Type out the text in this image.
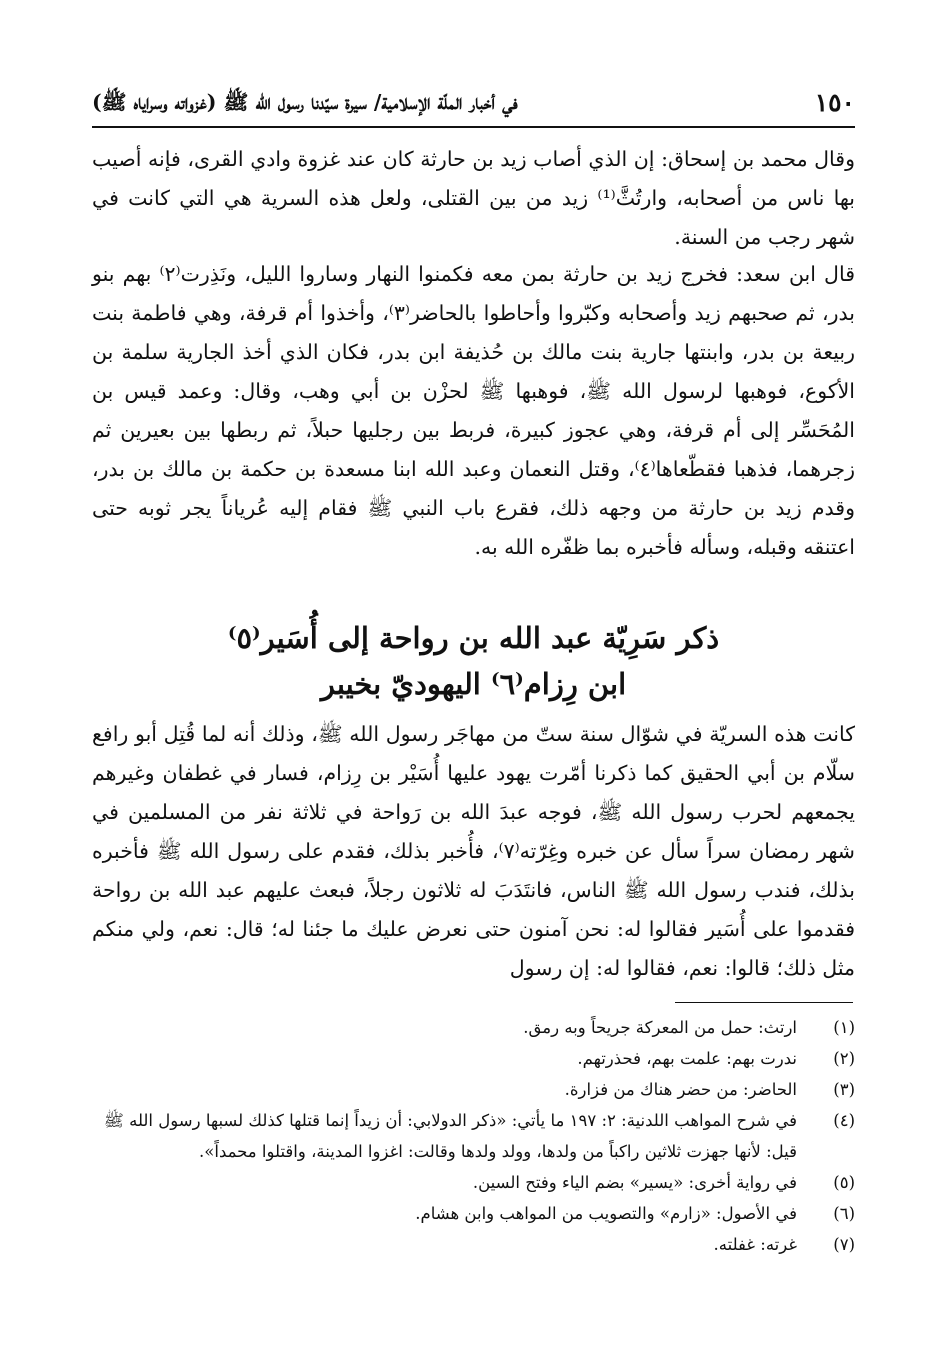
١٥٠
في أخبار الملّة الإسلامية/ سيرة سيّدنا رسول الله ﷺ (غزواته وسراياه ﷺ)

وقال محمد بن إسحاق: إن الذي أصاب زيد بن حارثة كان عند غزوة وادي القرى، فإنه أصيب بها ناس من أصحابه، وارتُثَّ⁽¹⁾ زيد من بين القتلى، ولعل هذه السرية هي التي كانت في شهر رجب من السنة.

قال ابن سعد: فخرج زيد بن حارثة بمن معه فكمنوا النهار وساروا الليل، ونَذِرت⁽٢⁾ بهم بنو بدر، ثم صحبهم زيد وأصحابه وكبّروا وأحاطوا بالحاضر⁽٣⁾، وأخذوا أم قرفة، وهي فاطمة بنت ربيعة بن بدر، وابنتها جارية بنت مالك بن حُذيفة ابن بدر، فكان الذي أخذ الجارية سلمة بن الأكوع، فوهبها لرسول الله ﷺ، فوهبها ﷺ لحزْن بن أبي وهب، وقال: وعمد قيس بن المُحَسِّر إلى أم قرفة، وهي عجوز كبيرة، فربط بين رجليها حبلاً، ثم ربطها بين بعيرين ثم زجرهما، فذهبا فقطّعاها⁽٤⁾، وقتل النعمان وعبد الله ابنا مسعدة بن حكمة بن مالك بن بدر، وقدم زيد بن حارثة من وجهه ذلك، فقرع باب النبي ﷺ فقام إليه عُرياناً يجر ثوبه حتى اعتنقه وقبله، وسأله فأخبره بما ظفّره الله به.

ذكر سَرِيّة عبد الله بن رواحة إلى أُسَير⁽٥⁾
ابن رِزام⁽٦⁾ اليهوديّ بخيبر

كانت هذه السريّة في شوّال سنة ستّ من مهاجَر رسول الله ﷺ، وذلك أنه لما قُتِل أبو رافع سلّام بن أبي الحقيق كما ذكرنا أمّرت يهود عليها أُسَيْر بن رِزام، فسار في غطفان وغيرهم يجمعهم لحرب رسول الله ﷺ، فوجه عبدَ الله بن رَواحة في ثلاثة نفر من المسلمين في شهر رمضان سراً سأل عن خبره وغِرّته⁽٧⁾، فأُخبر بذلك، فقدم على رسول الله ﷺ فأخبره بذلك، فندب رسول الله ﷺ الناس، فانتَدَبَ له ثلاثون رجلاً، فبعث عليهم عبد الله بن رواحة فقدموا على أُسَير فقالوا له: نحن آمنون حتى نعرض عليك ما جئنا له؛ قال: نعم، ولي منكم مثل ذلك؛ قالوا: نعم، فقالوا له: إن رسول

(١)
ارتث: حمل من المعركة جريحاً وبه رمق.
(٢)
ندرت بهم: علمت بهم، فحذرتهم.
(٣)
الحاضر: من حضر هناك من فزارة.
(٤)
في شرح المواهب اللدنية: ٢: ١٩٧ ما يأتي: «ذكر الدولابي: أن زيداً إنما قتلها كذلك لسبها رسول الله ﷺ قيل: لأنها جهزت ثلاثين راكباً من ولدها، وولد ولدها وقالت: اغزوا المدينة، واقتلوا محمداً».
(٥)
في رواية أخرى: «يسير» بضم الياء وفتح السين.
(٦)
في الأصول: «زارم» والتصويب من المواهب وابن هشام.
(٧)
غرته: غفلته.
